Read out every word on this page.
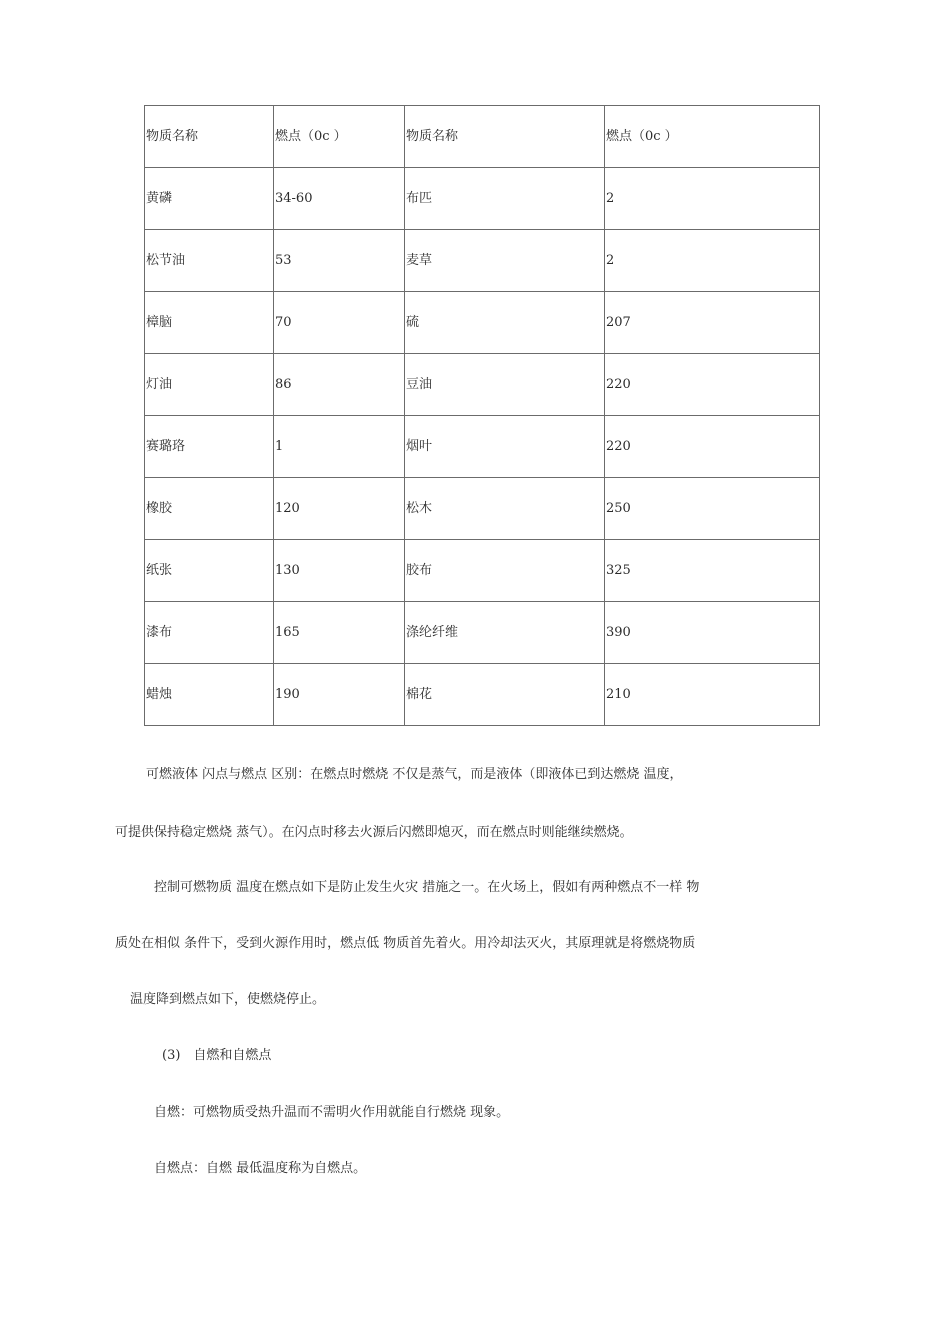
物质名称	燃点（0c ）	物质名称	燃点（0c ）
黄磷	34-60	布匹	2
松节油	53	麦草	2
樟脑	70	硫	207
灯油	86	豆油	220
赛璐珞	1	烟叶	220
橡胶	120	松木	250
纸张	130	胶布	325
漆布	165	涤纶纤维	390
蜡烛	190	棉花	210

可燃液体 闪点与燃点 区别：在燃点时燃烧 不仅是蒸气，而是液体（即液体已到达燃烧 温度，

可提供保持稳定燃烧 蒸气）。在闪点时移去火源后闪燃即熄灭，而在燃点时则能继续燃烧。

控制可燃物质 温度在燃点如下是防止发生火灾 措施之一。在火场上，假如有两种燃点不一样 物

质处在相似 条件下，受到火源作用时，燃点低 物质首先着火。用冷却法灭火，其原理就是将燃烧物质

温度降到燃点如下，使燃烧停止。

(3)　自燃和自燃点

自燃：可燃物质受热升温而不需明火作用就能自行燃烧 现象。

自燃点：自燃 最低温度称为自燃点。
